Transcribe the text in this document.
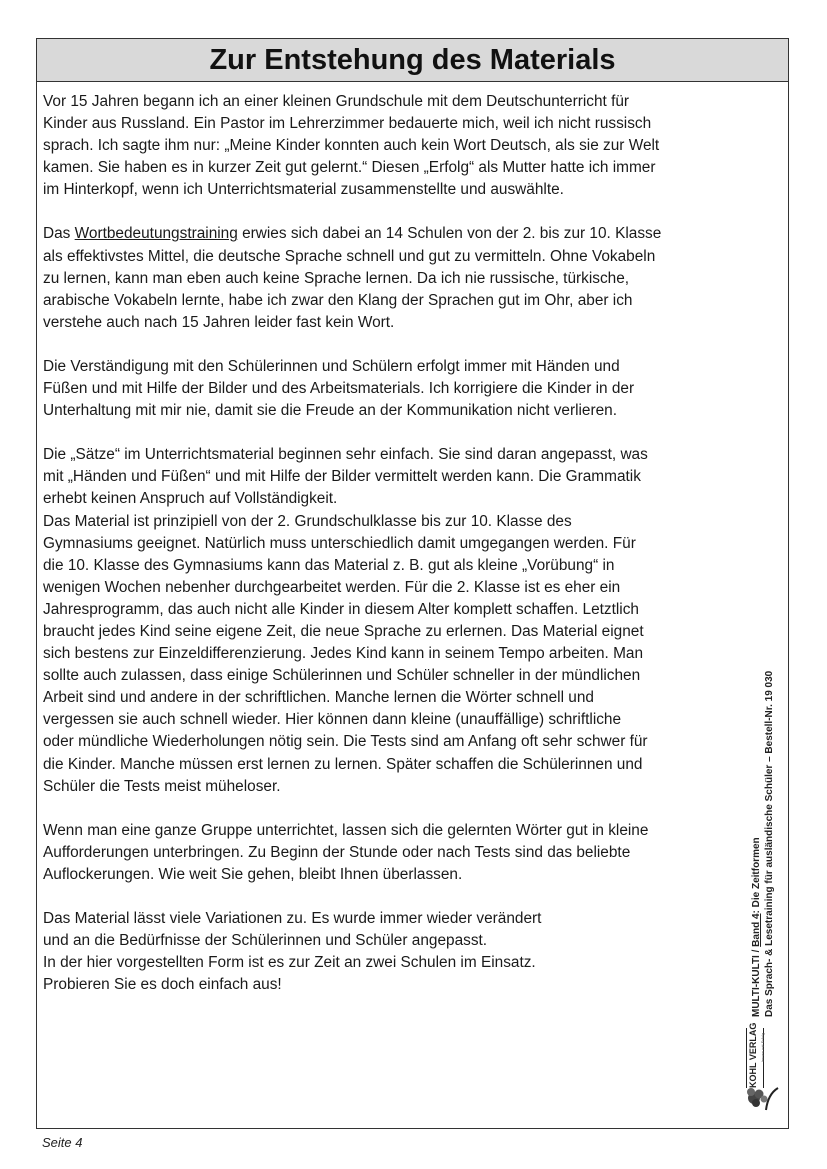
Zur Entstehung des Materials

Vor 15 Jahren begann ich an einer kleinen Grundschule mit dem Deutschunterricht für
Kinder aus Russland. Ein Pastor im Lehrerzimmer bedauerte mich, weil ich nicht russisch
sprach. Ich sagte ihm nur: „Meine Kinder konnten auch kein Wort Deutsch, als sie zur Welt
kamen. Sie haben es in kurzer Zeit gut gelernt.“ Diesen „Erfolg“ als Mutter hatte ich immer
im Hinterkopf, wenn ich Unterrichtsmaterial zusammenstellte und auswählte.

Das Wortbedeutungstraining erwies sich dabei an 14 Schulen von der 2. bis zur 10. Klasse
als effektivstes Mittel, die deutsche Sprache schnell und gut zu vermitteln. Ohne Vokabeln
zu lernen, kann man eben auch keine Sprache lernen. Da ich nie russische, türkische,
arabische Vokabeln lernte, habe ich zwar den Klang der Sprachen gut im Ohr, aber ich
verstehe auch nach 15 Jahren leider fast kein Wort.

Die Verständigung mit den Schülerinnen und Schülern erfolgt immer mit Händen und
Füßen und mit Hilfe der Bilder und des Arbeitsmaterials. Ich korrigiere die Kinder in der
Unterhaltung mit mir nie, damit sie die Freude an der Kommunikation nicht verlieren.

Die „Sätze“ im Unterrichtsmaterial beginnen sehr einfach. Sie sind daran angepasst, was
mit „Händen und Füßen“ und mit Hilfe der Bilder vermittelt werden kann. Die Grammatik
erhebt keinen Anspruch auf Vollständigkeit.

Das Material ist prinzipiell von der 2. Grundschulklasse bis zur 10. Klasse des
Gymnasiums geeignet. Natürlich muss unterschiedlich damit umgegangen werden. Für
die 10. Klasse des Gymnasiums kann das Material z. B. gut als kleine „Vorübung“ in
wenigen Wochen nebenher durchgearbeitet werden. Für die 2. Klasse ist es eher ein
Jahresprogramm, das auch nicht alle Kinder in diesem Alter komplett schaffen. Letztlich
braucht jedes Kind seine eigene Zeit, die neue Sprache zu erlernen. Das Material eignet
sich bestens zur Einzeldifferenzierung. Jedes Kind kann in seinem Tempo arbeiten. Man
sollte auch zulassen, dass einige Schülerinnen und Schüler schneller in der mündlichen
Arbeit sind und andere in der schriftlichen. Manche lernen die Wörter schnell und
vergessen sie auch schnell wieder. Hier können dann kleine (unauffällige) schriftliche
oder mündliche Wiederholungen nötig sein. Die Tests sind am Anfang oft sehr schwer für
die Kinder. Manche müssen erst lernen zu lernen. Später schaffen die Schülerinnen und
Schüler die Tests meist müheloser.

Wenn man eine ganze Gruppe unterrichtet, lassen sich die gelernten Wörter gut in kleine
Aufforderungen unterbringen. Zu Beginn der Stunde oder nach Tests sind das beliebte
Auflockerungen. Wie weit Sie gehen, bleibt Ihnen überlassen.

Das Material lässt viele Variationen zu. Es wurde immer wieder verändert
und an die Bedürfnisse der Schülerinnen und Schüler angepasst.
In der hier vorgestellten Form ist es zur Zeit an zwei Schulen im Einsatz.
Probieren Sie es doch einfach aus!	MULTI-KULTI / Band 4: Die Zeitformen Das Sprach- & Lesetraining für ausländische Schüler – Bestell-Nr. 19 030
KOHL VERLAG lernen mit Erfolg
Seite 4
